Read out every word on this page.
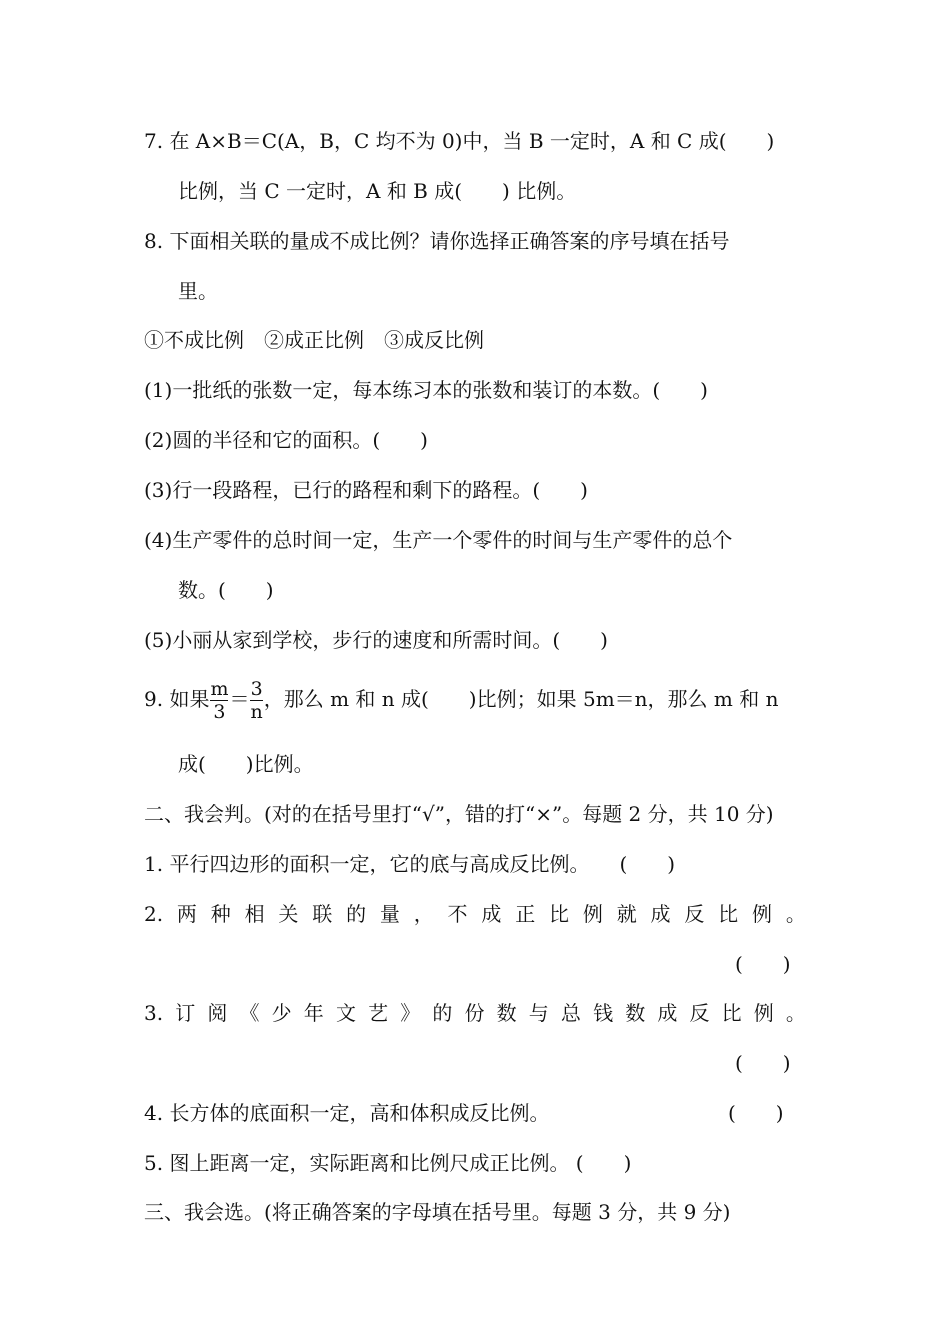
7. 在 A×B＝C(A，B，C 均不为 0)中，当 B 一定时，A 和 C 成(　　)
比例，当 C 一定时，A 和 B 成(　　) 比例。
8. 下面相关联的量成不成比例？请你选择正确答案的序号填在括号
里。
①不成比例　②成正比例　③成反比例
(1)一批纸的张数一定，每本练习本的张数和装订的本数。(　　)
(2)圆的半径和它的面积。(　　)
(3)行一段路程，已行的路程和剩下的路程。(　　)
(4)生产零件的总时间一定，生产一个零件的时间与生产零件的总个
数。(　　)
(5)小丽从家到学校，步行的速度和所需时间。(　　)
9. 如果 $\frac{m}{3} = \frac{3}{n}$ ，那么 m 和 n 成(　　)比例；如果 5m＝n，那么 m 和 n
成(　　)比例。
二、我会判。(对的在括号里打“√”，错的打“×”。每题 2 分，共 10 分)
1. 平行四边形的面积一定，它的底与高成反比例。　　(　　)
2. 两 种 相 关 联 的 量 ， 不 成 正 比 例 就 成 反 比 例 。
(　　)
3. 订 阅 《 少 年 文 艺 》 的 份 数 与 总 钱 数 成 反 比 例 。
(　　)
4. 长方体的底面积一定，高和体积成反比例。	(　　)
5. 图上距离一定，实际距离和比例尺成正比例。 (　　)
三、我会选。(将正确答案的字母填在括号里。每题 3 分，共 9 分)
